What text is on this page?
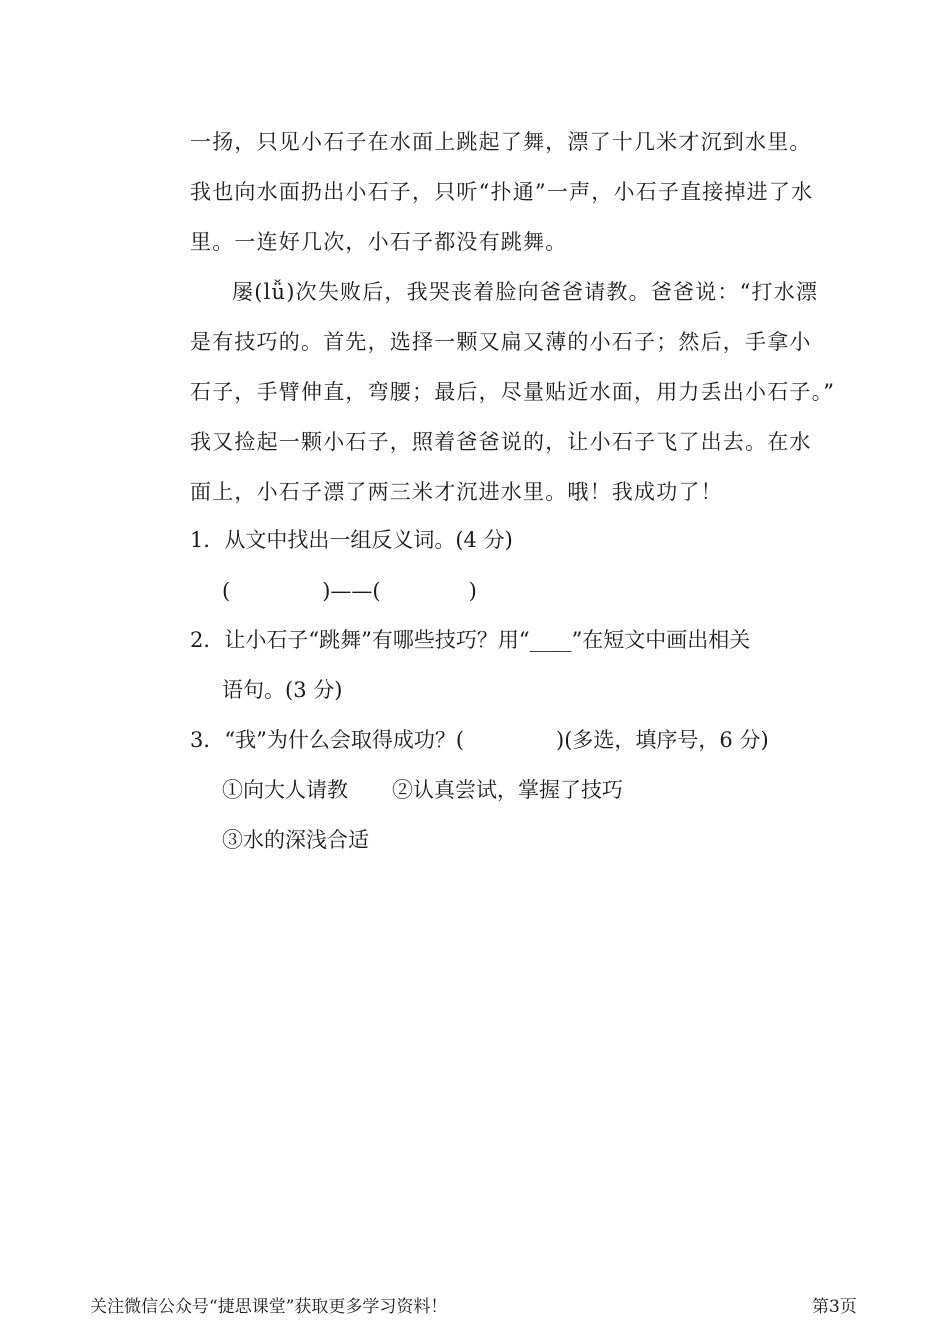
一扬，只见小石子在水面上跳起了舞，漂了十几米才沉到水里。
我也向水面扔出小石子，只听“扑通”一声，小石子直接掉进了水
里。一连好几次，小石子都没有跳舞。
屡(lǚ)次失败后，我哭丧着脸向爸爸请教。爸爸说：“打水漂
是有技巧的。首先，选择一颗又扁又薄的小石子；然后，手拿小
石子，手臂伸直，弯腰；最后，尽量贴近水面，用力丢出小石子。”
我又捡起一颗小石子，照着爸爸说的，让小石子飞了出去。在水
面上，小石子漂了两三米才沉进水里。哦！我成功了！
1．从文中找出一组反义词。(4 分)
(	)——(	)
2．让小石子“跳舞”有哪些技巧？用“____”在短文中画出相关
语句。(3 分)
3．“我”为什么会取得成功？(	)(多选，填序号，6 分)
①向大人请教 ②认真尝试，掌握了技巧
③水的深浅合适
关注微信公众号“捷思课堂”获取更多学习资料！	第3页
